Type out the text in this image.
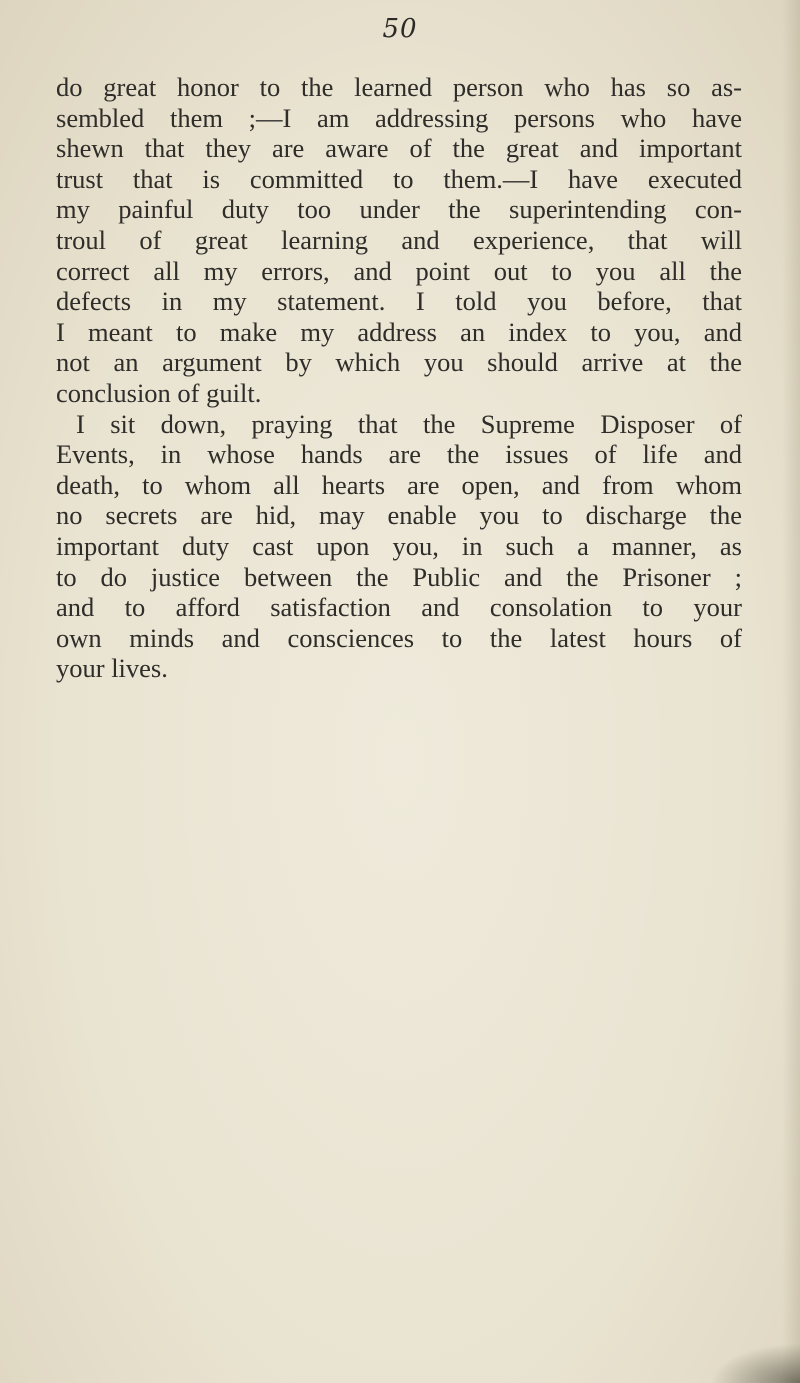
50
do great honor to the learned person who has so as-
sembled them ;—I am addressing persons who have
shewn that they are aware of the great and important
trust that is committed to them.—I have executed
my painful duty too under the superintending con-
troul of great learning and experience, that will
correct all my errors, and point out to you all the
defects in my statement. I told you before, that
I meant to make my address an index to you, and
not an argument by which you should arrive at the
conclusion of guilt.
I sit down, praying that the Supreme Disposer of
Events, in whose hands are the issues of life and
death, to whom all hearts are open, and from whom
no secrets are hid, may enable you to discharge the
important duty cast upon you, in such a manner, as
to do justice between the Public and the Prisoner ;
and to afford satisfaction and consolation to your
own minds and consciences to the latest hours of
your lives.
